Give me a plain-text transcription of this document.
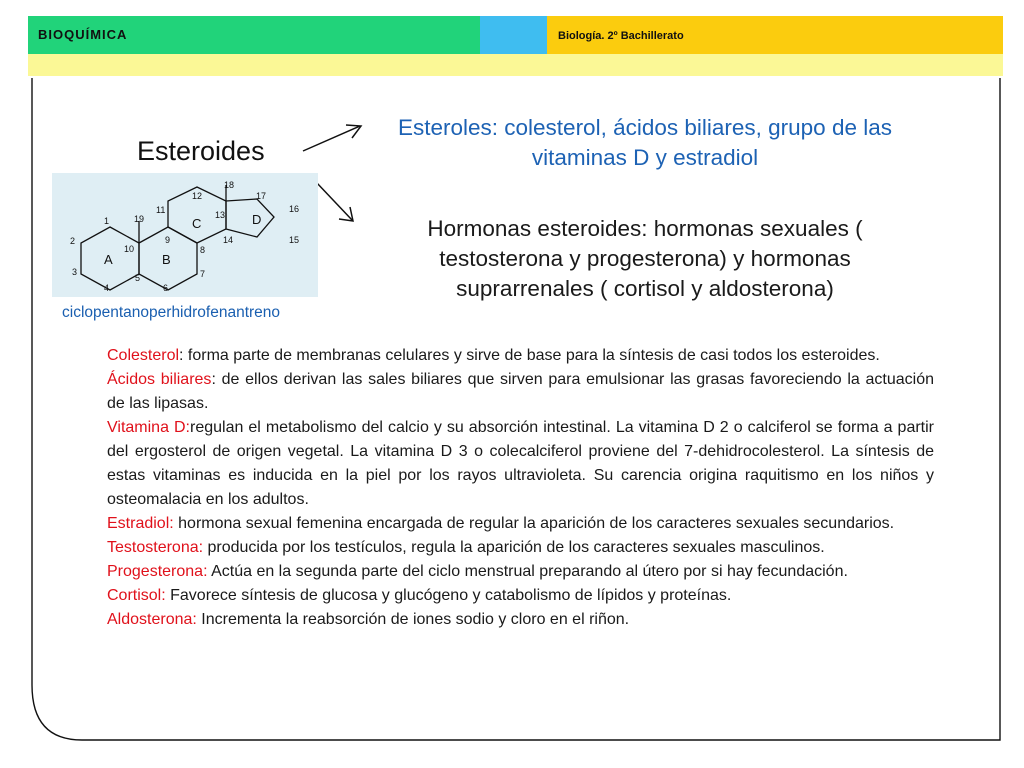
BIOQUÍMICA	Biología. 2º Bachillerato
Esteroides
A	B
C	D
1
2
3
4
5
6
7
8
9
10
11
12
13
14	15
16
17
18
19
ciclopentanoperhidrofenantreno
Esteroles: colesterol, ácidos biliares, grupo de las vitaminas D y estradiol
Hormonas esteroides: hormonas sexuales ( testosterona y progesterona) y hormonas suprarrenales ( cortisol y aldosterona)

Colesterol: forma parte de membranas celulares y sirve de base para la síntesis de casi todos los esteroides.

Ácidos biliares: de ellos derivan las sales biliares que sirven para emulsionar las grasas favoreciendo la actuación de las lipasas.

Vitamina D:regulan el metabolismo del calcio y su absorción intestinal. La vitamina D 2 o calciferol se forma a partir del ergosterol de origen vegetal. La vitamina D 3 o colecalciferol proviene del 7-dehidrocolesterol. La síntesis de estas vitaminas es inducida en la piel por los rayos ultravioleta. Su carencia origina raquitismo en los niños y osteomalacia en los adultos.

Estradiol: hormona sexual femenina encargada de regular la aparición de los caracteres sexuales secundarios.

Testosterona: producida por los testículos, regula la aparición de los caracteres sexuales masculinos.

Progesterona: Actúa en la segunda parte del ciclo menstrual preparando al útero por si hay fecundación.

Cortisol: Favorece síntesis de glucosa y glucógeno y catabolismo de lípidos y proteínas.

Aldosterona: Incrementa la reabsorción de iones sodio y cloro en el riñon.
